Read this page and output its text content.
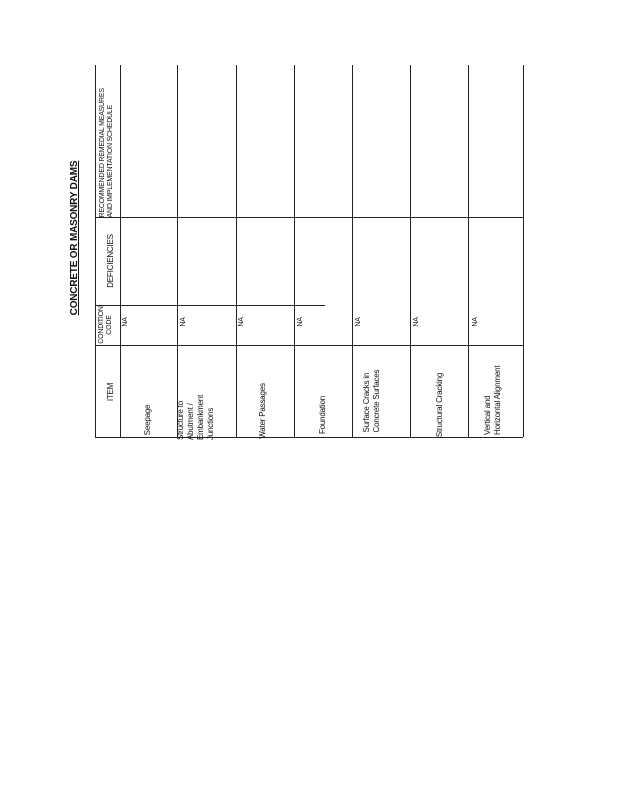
CONCRETE OR MASONRY DAMS
ITEM
CONDITION CODE
DEFICIENCIES
RECOMMENDED REMEDIAL MEASURES AND IMPLEMENTATION SCHEDULE
Seepage
NA
Structure to Abutment / Embankment Junctions
NA
Water Passages
NA
Foundation
NA
Surface Cracks in Concrete Surfaces
NA
Structural Cracking
NA
Vertical and Horizontal Alignment
NA
